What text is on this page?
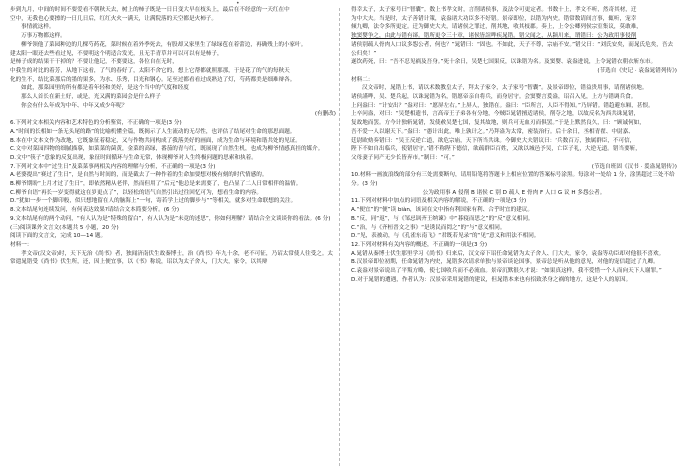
•

步到九月，中间的时间不要爱看不朝秋天去，树上的柿子既是一日日变大早在枝头上，最后在不经意的一天红在中

空中，无我也心要擦的一日几日后，红红火火一满天，让满院落的天空都是火柿子。

事情就这样。

万事万物都这样。

柳爷领他了菜园种边的几棵芍药花，菜时候在着外季死去，有股却又家里生了绿绿苞在着蕾边，再确残上的小家叶。

建太阳一眼还去些看过见，不要明这个明适合发光，且无手青草并可以可以有是柿子，

是柿子成的结果干干掉的？不要让他记，不要要这，各位自在无时，

中我生的对比的着芳，从地下这看，了气的春好了，太阳不舍它的，想上它帮都就照那那，于是花了的气的每秋天

化的生不，结比菜那后的墨的果多，为水、乐秀，目光和钢心。足至过都看看过成熟边了灯，芍药都美是细难辩各。

如此，那菜园里的所有都是着年轻和美好，是这个当中的气度和经度

那么人首长在新土好，或是，光又满的菜园会是什么样子

你会有什么年成为中年、中年又成少年呢？

(有删改)

6.下列对文本相关内容和艺术特色的分析鉴赏，不正确的一项是(3 分)

A.“时间的长相如一条无头尾的路”的比喻机懂全篇，既揭示了人生流动的无尽性，也评估了结尾对生命的那思面题。

B.本在中文本文作为改地，它既象征着稳定，又与作物共同构成了我落美好的画面，成为生命与环境和谐共处的见证。

C.文中对菜园四物的细腻描摹，如菜菜的菌黄，金菜的高绿，番茄的青与红，既展现了自然生机，也成为柳爷情感真挂的媒介。

D.文中“筷子”意象的反复出现，象征时间循环与生命无常，体现柳爷对人生终极问题的思索和执着。

7.下列对文本中“过生日”及菜菜事两相关内容的理解与分析，不正确的一项是(3 分)

A.老婆提出“赛过了生日”，是自然与时间的，而是截去了一种作着的生命加要想对极有刻的时代情感的。

B.柳爷期盼“上月才过了生日”，即依然精从老伴，然而但用了“后元”他总是来需要了，也凸显了二人日常相伴的温情。

C.柳爷自语“再长一岁变得就这在岁更点了”，以轻松的语气自然引出过往回忆可为，想看生命的内容。

D.“犹如一步一个脚印般，似只想地留在人的脑海上”一句，寄若学上过的脚步与“”等相关，就多对生命联想的关注。

8.文本结尾句连续发问，有何表达效果?请结合文本简要分析。(6 分)

9.文本结尾有的两个动问，“有人认为是”特殊的留白”，有人认为是”未竟的述思”，你如何理解？请结合全文谈谈你的看法。(6 分)

(三)阅读课外文言文(本题共 5 小题，20 分)

阅读下面的文言文，完成 10—14 题。

材料一：

孝文帝(汉文帝)时，天下无治《尚书》者，独闻济南伏生故秦博士，治《尚书》年九十余，老不可征，乃诏太常使人往受之。太常遣晁错受《尚书》伏生所，还，因上便宜事，以《书》称说，诏以为太子舍人，门大夫，家令，以其辩

得幸太子，太子家号曰“智囊”。数上书孝文时，言削诸侯事，及法令可更定者。书数十上，孝文不听，然奇其材，迁

为中大夫。当是时，太子善错计策，袁盎诸大功臣多不好错。景帝即位，以错为内史。错常数请间言事，辄听，宠幸

倾九卿，法令多所更定。迁为御史大夫，请诸侯之罪过，削其地，收其枝郡。奏上，上令公卿列侯宗室集议，莫敢难，

独窦婴争之，由此与错有郤。错所更令三十章，诸侯皆諠哗疾晁错。错父闻之，从颍川来，谓错曰：公为政用事侵削

诸侯别疏人骨肉人口议多怨公者，何也？”晁错曰：“固也。不如此，天子不尊，宗庙不安。”错父曰：“刘氏安矣，而晁氏危矣，吾去公归矣！”

遂饮药死，曰：“吾不忍见祸及吾身。”死十余日，吴楚七国果反，以诛错为名。及窦婴、袁盎进说，上令晁错衣朝衣斩东市。

(节选自《史记 · 袁盎晁错列传》)

材料二：

汉文帝时，晁错上书，请以术数教皇太子，拜太子家令，太子家号“智囊”。及景帝即位，错益贵用事，请削诸侯地。

诸侯謹哗，吴、楚兵起，以诛晁错为名，错愿帝亲自将兵，而身居守。会窦婴言爰盎，诏召入见，上方与错调兵食。

上问盎曰：“计安出？”盎对曰：“愿屏左右。”上屏人，独错在。盎曰：“臣所言，人臣不得知。”乃屏错。错趋避东厢，甚恨。

上卒问盎，对曰：“吴楚相遗书，言高帝王子弟各有分地，今贼臣晁错擅适诸侯，削夺之地，以故反名为西共诛晁错，

复故地而罢。方今计独斩晁错，发使赦吴楚七国，复其故地，则兵可无血刃而俱罢。”于是上默然良久，曰：“顾诚何如，

吾不爱一人以谢天下。”盎曰：“愚计出此，唯上孰计之。”乃拜盎为太常，密装治行。后十余日，丞相青翟、中尉嘉、

廷尉欧劾奏错曰：“吴王反逆亡道，欲危宗庙，天下所当共诛。今御史大夫错议曰：‘兵数百万，独属群臣，不可信，

陛下不如自出临兵，使错居守。’错不称陛下德信，欲疏群臣百姓，又欲以城邑予吴，亡臣子礼，大逆无道。错当要斩，

父母妻子同产无少长皆弃市。”制曰：“可。”

(节选自班固《汉书 · 爰盎晁错传》)

10.材料一画波浪线的部分有三处需要断句，请用铅笔将答题卡上相应位置的答案标号涂黑。每涂对一处给 1 分，涂黑超过三处不给分。(3 分)

公为政用事 A 侵削 B 诸侯 C 别 D 疏人 E 骨肉 F 人口 G 议 H 多怨公者。

11.下列对材料中加点的词语及相关内容的解说，不正确的一项是(3 分)

A.“便宜”的“便”读 biàn，该词在文中指有利国家有利、合乎时宜的建议。

B.“反，同“返”，与《邹忌讽齐王纳谏》中“暮寝而思之”的“反”意义相同。

C.“治，与《齐桓晋文之事》“是诱民而罔之”的“与”意义相同。

D.“见，表被动，与《孔雀东南飞》“君既若见录”的“见”意义和用法不相同。

12.下列对材料有关内容的概述，不正确的一项是(3 分)

A.晁错从秦博士伏生那里学习《尚书》归来后，汉文帝下诏任命晁错为太子舍人、门大夫，家令，袁盎等功臣却对他很不喜欢。

B.汉景帝即位初期，任命晁错为内史，晁错多次请求单独与景帝谈论国事，景帝总是听从他的意见，对他的宠信超过了九卿。

C.袁盎对景帝说出了平叛方略，使七国收兵而不必流血。景帝沉默很久才说：“如果真这样，我不爱惜一个人而向天下人谢罪。”

D.对于晁错的遭遇，作者认为：汉景帝采用晁错的建议，但晁错本来也有招致杀身之祸的地方，这是个人的原因。
